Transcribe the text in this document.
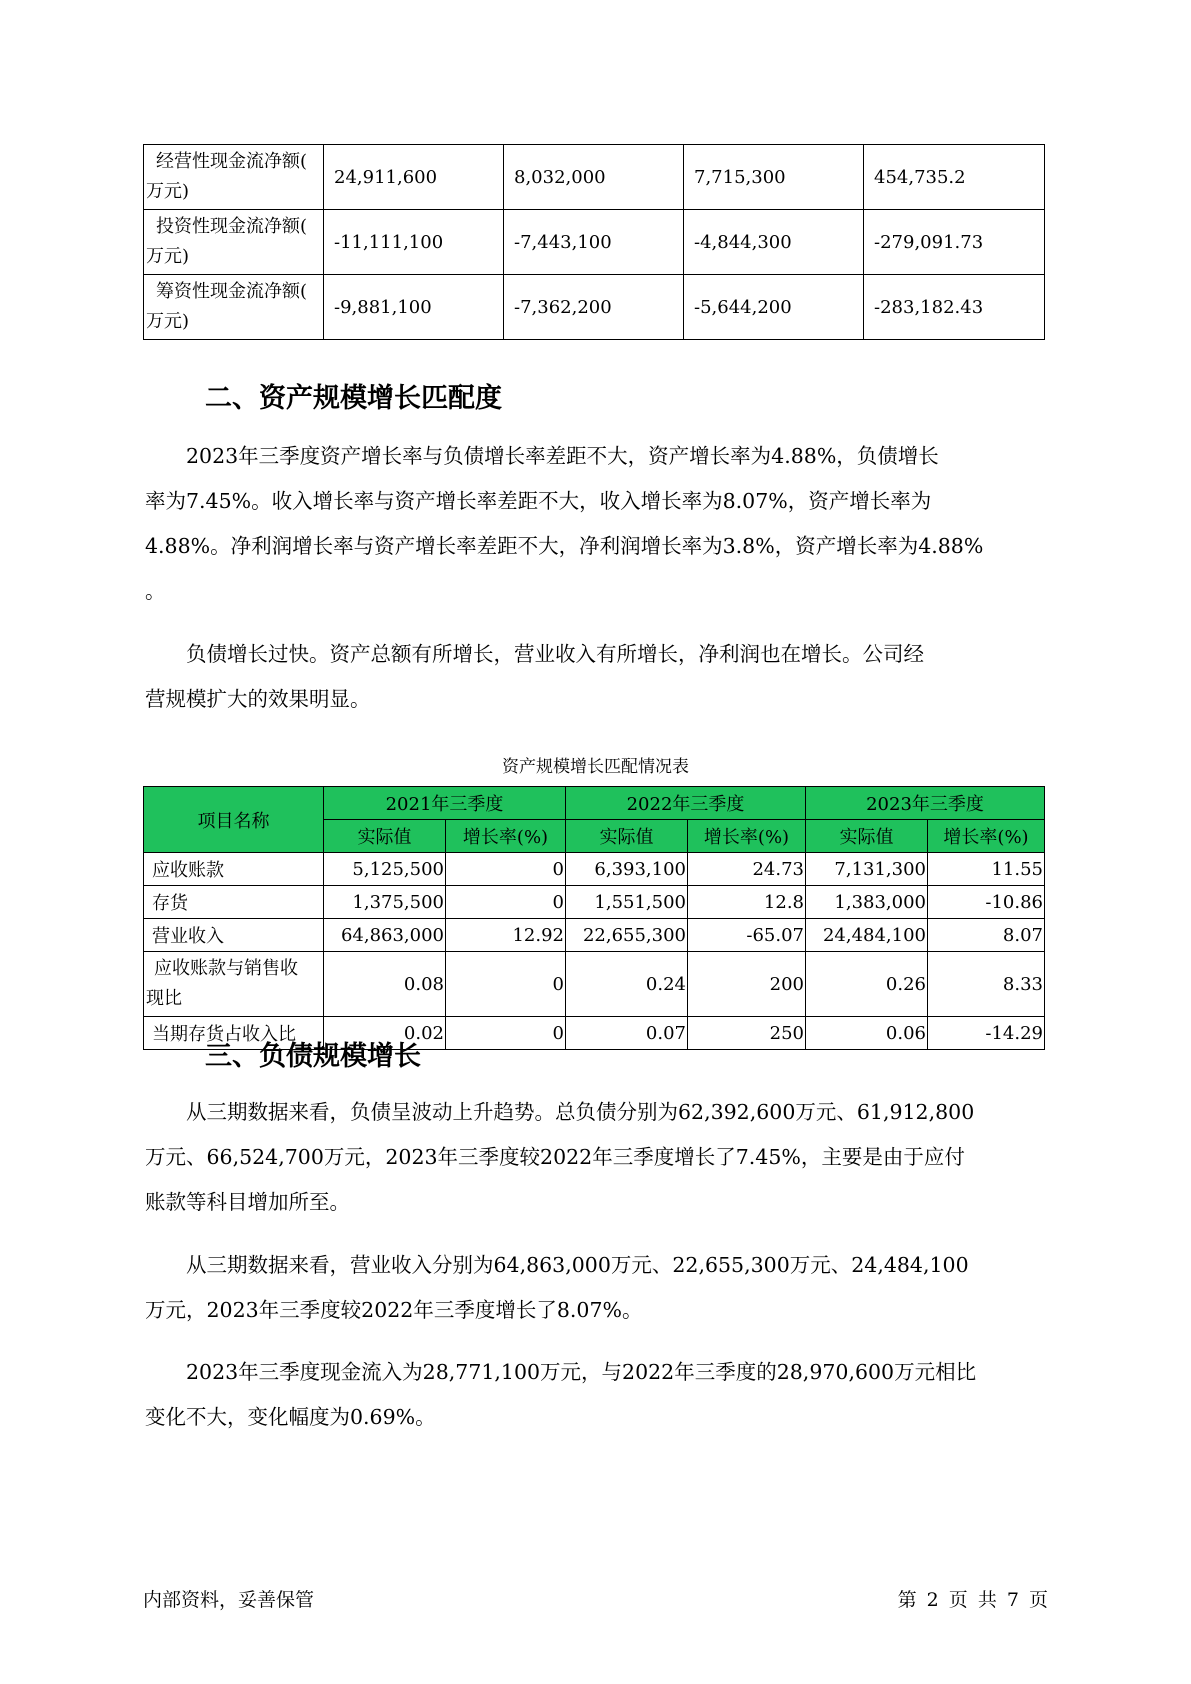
经营性现金流净额(
万元)	24,911,600	8,032,000	7,715,300	454,735.2

投资性现金流净额(
万元)	-11,111,100	-7,443,100	-4,844,300	-279,091.73

筹资性现金流净额(
万元)	-9,881,100	-7,362,200	-5,644,200	-283,182.43
二、资产规模增长匹配度

2023年三季度资产增长率与负债增长率差距不大，资产增长率为4.88%，负债增长
率为7.45%。收入增长率与资产增长率差距不大，收入增长率为8.07%，资产增长率为
4.88%。净利润增长率与资产增长率差距不大，净利润增长率为3.8%，资产增长率为4.88%
。

负债增长过快。资产总额有所增长，营业收入有所增长，净利润也在增长。公司经
营规模扩大的效果明显。

资产规模增长匹配情况表

项目名称	2021年三季度		2022年三季度		2023年三季度	
	实际值	增长率(%)	实际值	增长率(%)	实际值	增长率(%)

应收账款	5,125,500	0	6,393,100	24.73	7,131,300	11.55

存货	1,375,500	0	1,551,500	12.8	1,383,000	-10.86

营业收入	64,863,000	12.92	22,655,300	-65.07	24,484,100	8.07

应收账款与销售收
现比	0.08	0	0.24	200	0.26	8.33

当期存货占收入比	0.02	0	0.07	250	0.06	-14.29
三、负债规模增长

从三期数据来看，负债呈波动上升趋势。总负债分别为62,392,600万元、61,912,800
万元、66,524,700万元，2023年三季度较2022年三季度增长了7.45%，主要是由于应付
账款等科目增加所至。

从三期数据来看，营业收入分别为64,863,000万元、22,655,300万元、24,484,100
万元，2023年三季度较2022年三季度增长了8.07%。

2023年三季度现金流入为28,771,100万元，与2022年三季度的28,970,600万元相比
变化不大，变化幅度为0.69%。

内部资料，妥善保管	第 2 页 共 7 页
